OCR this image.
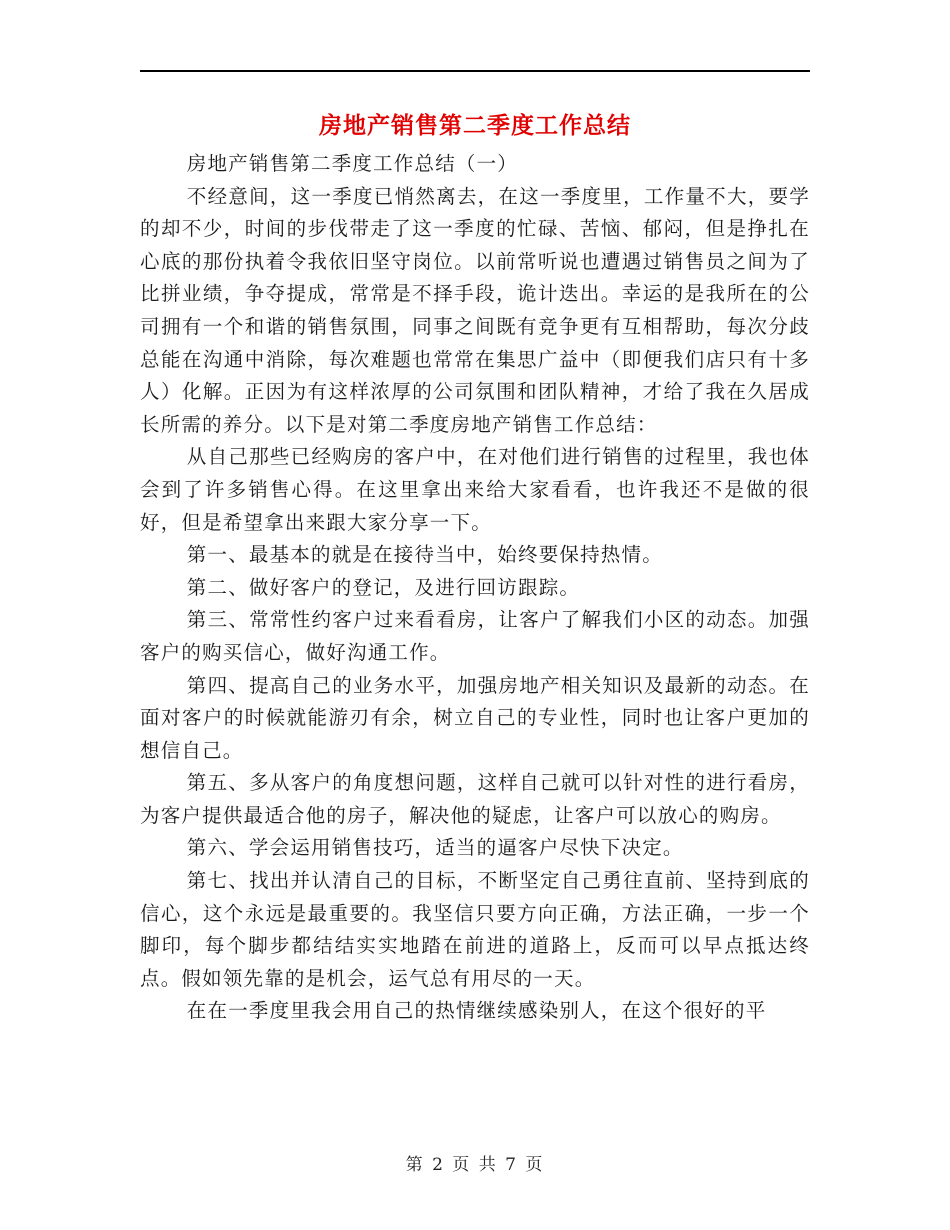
房地产销售第二季度工作总结

房地产销售第二季度工作总结（一）

不经意间，这一季度已悄然离去，在这一季度里，工作量不大，要学的却不少，时间的步伐带走了这一季度的忙碌、苦恼、郁闷，但是挣扎在心底的那份执着令我依旧坚守岗位。以前常听说也遭遇过销售员之间为了比拼业绩，争夺提成，常常是不择手段，诡计迭出。幸运的是我所在的公司拥有一个和谐的销售氛围，同事之间既有竞争更有互相帮助，每次分歧总能在沟通中消除，每次难题也常常在集思广益中（即便我们店只有十多人）化解。正因为有这样浓厚的公司氛围和团队精神，才给了我在久居成长所需的养分。以下是对第二季度房地产销售工作总结：

从自己那些已经购房的客户中，在对他们进行销售的过程里，我也体会到了许多销售心得。在这里拿出来给大家看看，也许我还不是做的很好，但是希望拿出来跟大家分享一下。

第一、最基本的就是在接待当中，始终要保持热情。

第二、做好客户的登记，及进行回访跟踪。

第三、常常性约客户过来看看房，让客户了解我们小区的动态。加强客户的购买信心，做好沟通工作。

第四、提高自己的业务水平，加强房地产相关知识及最新的动态。在面对客户的时候就能游刃有余，树立自己的专业性，同时也让客户更加的想信自己。

第五、多从客户的角度想问题，这样自己就可以针对性的进行看房，为客户提供最适合他的房子，解决他的疑虑，让客户可以放心的购房。

第六、学会运用销售技巧，适当的逼客户尽快下决定。

第七、找出并认清自己的目标，不断坚定自己勇往直前、坚持到底的信心，这个永远是最重要的。我坚信只要方向正确，方法正确，一步一个脚印，每个脚步都结结实实地踏在前进的道路上，反而可以早点抵达终点。假如领先靠的是机会，运气总有用尽的一天。

在在一季度里我会用自己的热情继续感染别人，在这个很好的平

第 2 页 共 7 页
